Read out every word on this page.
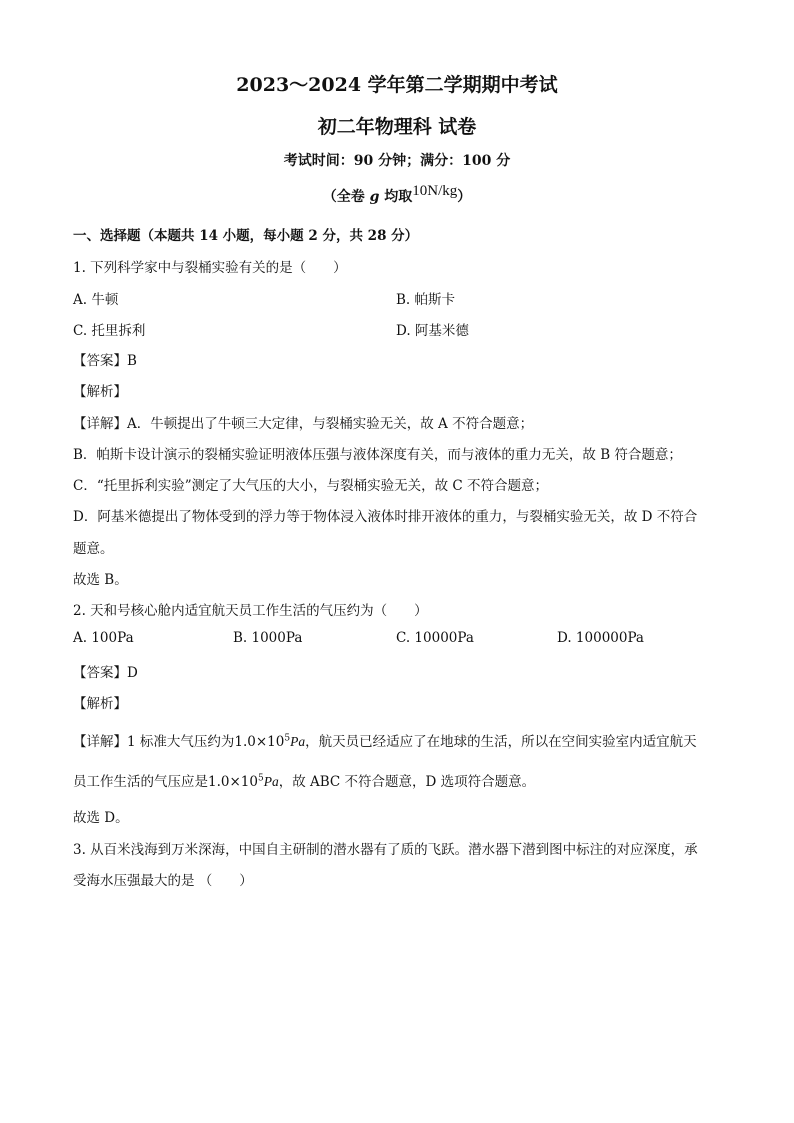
2023～2024 学年第二学期期中考试
初二年物理科 试卷
考试时间：90 分钟；满分：100 分
（全卷 g 均取10N/kg）
一、选择题（本题共 14 小题，每小题 2 分，共 28 分）
1. 下列科学家中与裂桶实验有关的是（　　）
A. 牛顿	B. 帕斯卡
C. 托里拆利	D. 阿基米德
【答案】B
【解析】
【详解】A．牛顿提出了牛顿三大定律，与裂桶实验无关，故 A 不符合题意；
B．帕斯卡设计演示的裂桶实验证明液体压强与液体深度有关，而与液体的重力无关，故 B 符合题意；
C．“托里拆利实验”测定了大气压的大小，与裂桶实验无关，故 C 不符合题意；
D．阿基米德提出了物体受到的浮力等于物体浸入液体时排开液体的重力，与裂桶实验无关，故 D 不符合
题意。
故选 B。
2. 天和号核心舱内适宜航天员工作生活的气压约为（　　）
A. 100Pa	B. 1000Pa	C. 10000Pa	D. 100000Pa
【答案】D
【解析】
【详解】1 标准大气压约为$1.0\times 10^5Pa$，航天员已经适应了在地球的生活，所以在空间实验室内适宜航天
员工作生活的气压应是$1.0\times 10^5Pa$，故 ABC 不符合题意，D 选项符合题意。
故选 D。
3. 从百米浅海到万米深海，中国自主研制的潜水器有了质的飞跃。潜水器下潜到图中标注的对应深度，承
受海水压强最大的是 （　　）
